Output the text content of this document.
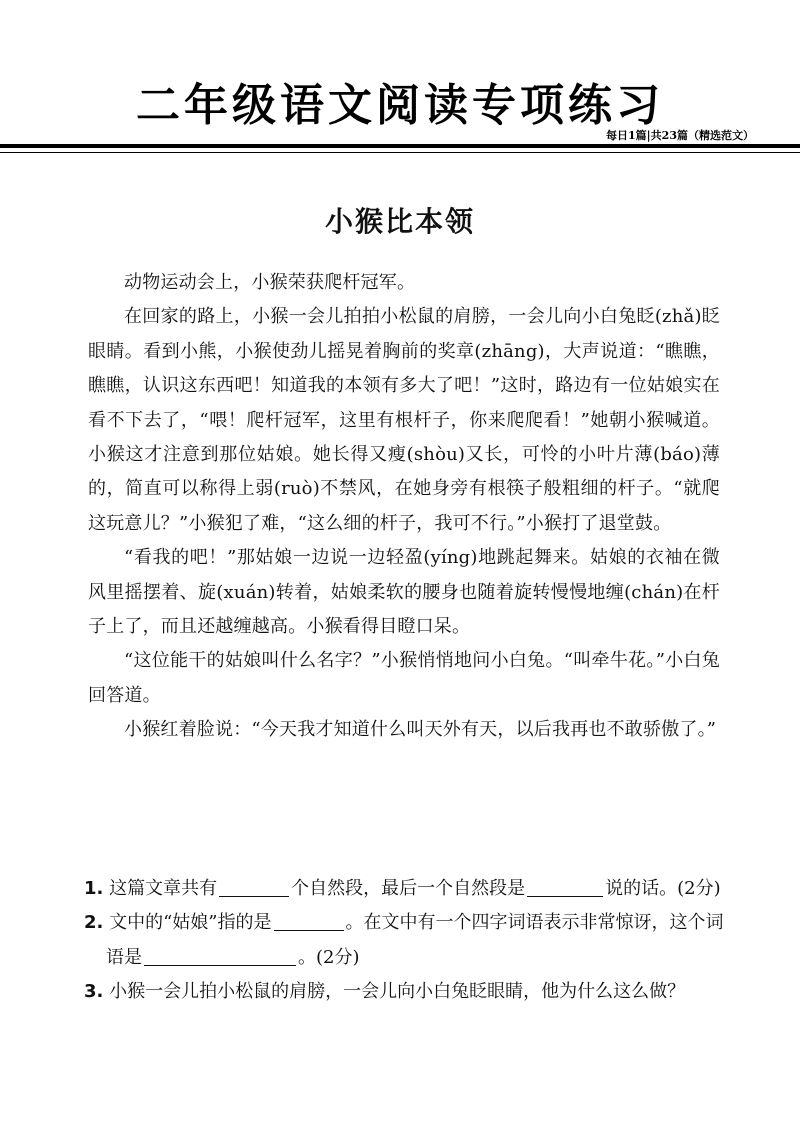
二年级语文阅读专项练习
每日1篇|共23篇（精选范文）
小猴比本领

动物运动会上，小猴荣获爬杆冠军。

在回家的路上，小猴一会儿拍拍小松鼠的肩膀，一会儿向小白兔眨(zhǎ)眨眼睛。看到小熊，小猴使劲儿摇晃着胸前的奖章(zhāng)，大声说道：“瞧瞧，瞧瞧，认识这东西吧！知道我的本领有多大了吧！”这时，路边有一位姑娘实在看不下去了，“喂！爬杆冠军，这里有根杆子，你来爬爬看！”她朝小猴喊道。小猴这才注意到那位姑娘。她长得又瘦(shòu)又长，可怜的小叶片薄(báo)薄的，简直可以称得上弱(ruò)不禁风，在她身旁有根筷子般粗细的杆子。“就爬这玩意儿？”小猴犯了难，“这么细的杆子，我可不行。”小猴打了退堂鼓。

“看我的吧！”那姑娘一边说一边轻盈(yíng)地跳起舞来。姑娘的衣袖在微风里摇摆着、旋(xuán)转着，姑娘柔软的腰身也随着旋转慢慢地缠(chán)在杆子上了，而且还越缠越高。小猴看得目瞪口呆。

“这位能干的姑娘叫什么名字？”小猴悄悄地问小白兔。“叫牵牛花。”小白兔回答道。

小猴红着脸说：“今天我才知道什么叫天外有天，以后我再也不敢骄傲了。”

1. 这篇文章共有	个自然段，最后一个自然段是	说的话。(2分)

2. 文中的“姑娘”指的是	。在文中有一个四字词语表示非常惊讶，这个词语是	。(2分)

3. 小猴一会儿拍小松鼠的肩膀，一会儿向小白兔眨眼睛，他为什么这么做？
